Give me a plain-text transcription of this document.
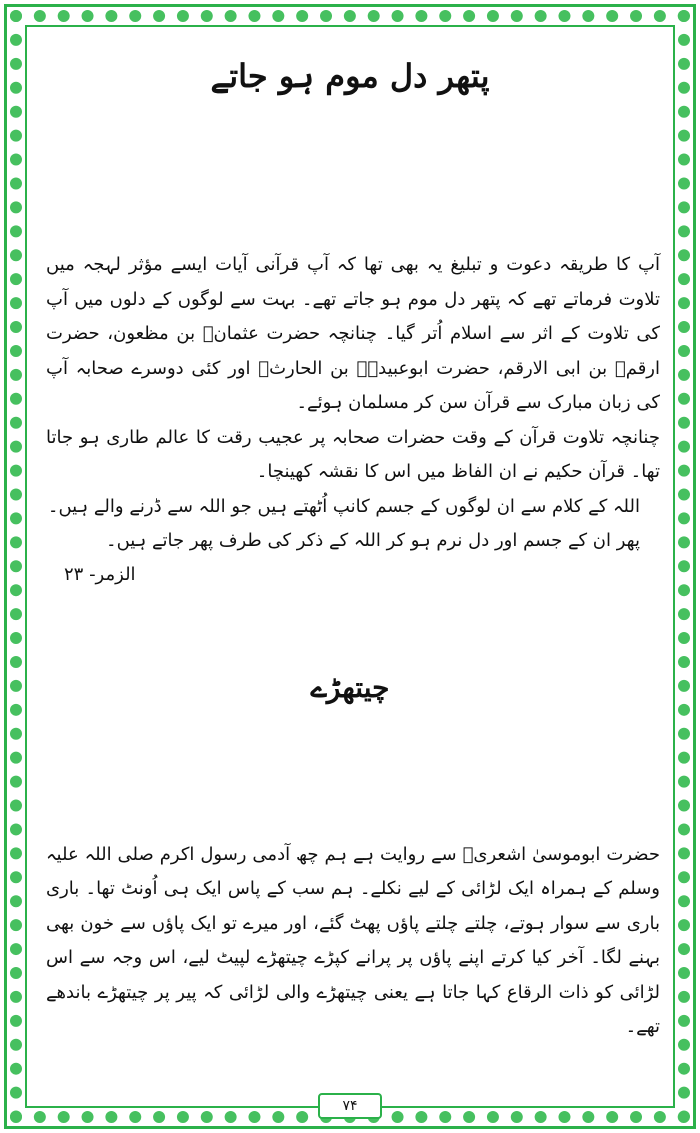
پتھر دل موم ہو جاتے

آپ کا طریقہ دعوت و تبلیغ یہ بھی تھا کہ آپ قرآنی آیات ایسے مؤثر لہجہ میں تلاوت فرماتے تھے کہ پتھر دل موم ہو جاتے تھے۔ بہت سے لوگوں کے دلوں میں آپ کی تلاوت کے اثر سے اسلام اُتر گیا۔ چنانچہ حضرت عثمانؓ بن مظعون، حضرت ارقمؓ بن ابی الارقم، حضرت ابوعبیدہؓ بن الحارثؓ اور کئی دوسرے صحابہ آپ کی زبان مبارک سے قرآن سن کر مسلمان ہوئے۔

چنانچہ تلاوت قرآن کے وقت حضرات صحابہ پر عجیب رقت کا عالم طاری ہو جاتا تھا۔ قرآن حکیم نے ان الفاظ میں اس کا نقشہ کھینچا۔

اللہ کے کلام سے ان لوگوں کے جسم کانپ اُٹھتے ہیں جو اللہ سے ڈرنے والے ہیں۔

پھر ان کے جسم اور دل نرم ہو کر اللہ کے ذکر کی طرف پھر جاتے ہیں۔
الزمر- ۲۳

چیتھڑے

حضرت ابوموسیٰ اشعریؓ سے روایت ہے ہم چھ آدمی رسول اکرم صلی اللہ علیہ وسلم کے ہمراہ ایک لڑائی کے لیے نکلے۔ ہم سب کے پاس ایک ہی اُونٹ تھا۔ باری باری سے سوار ہوتے، چلتے چلتے پاؤں پھٹ گئے، اور میرے تو ایک پاؤں سے خون بھی بہنے لگا۔ آخر کیا کرتے اپنے پاؤں پر پرانے کپڑے چیتھڑے لپیٹ لیے، اس وجہ سے اس لڑائی کو ذات الرقاع کہا جاتا ہے یعنی چیتھڑے والی لڑائی کہ پیر پر چیتھڑے باندھے تھے۔

۷۴
